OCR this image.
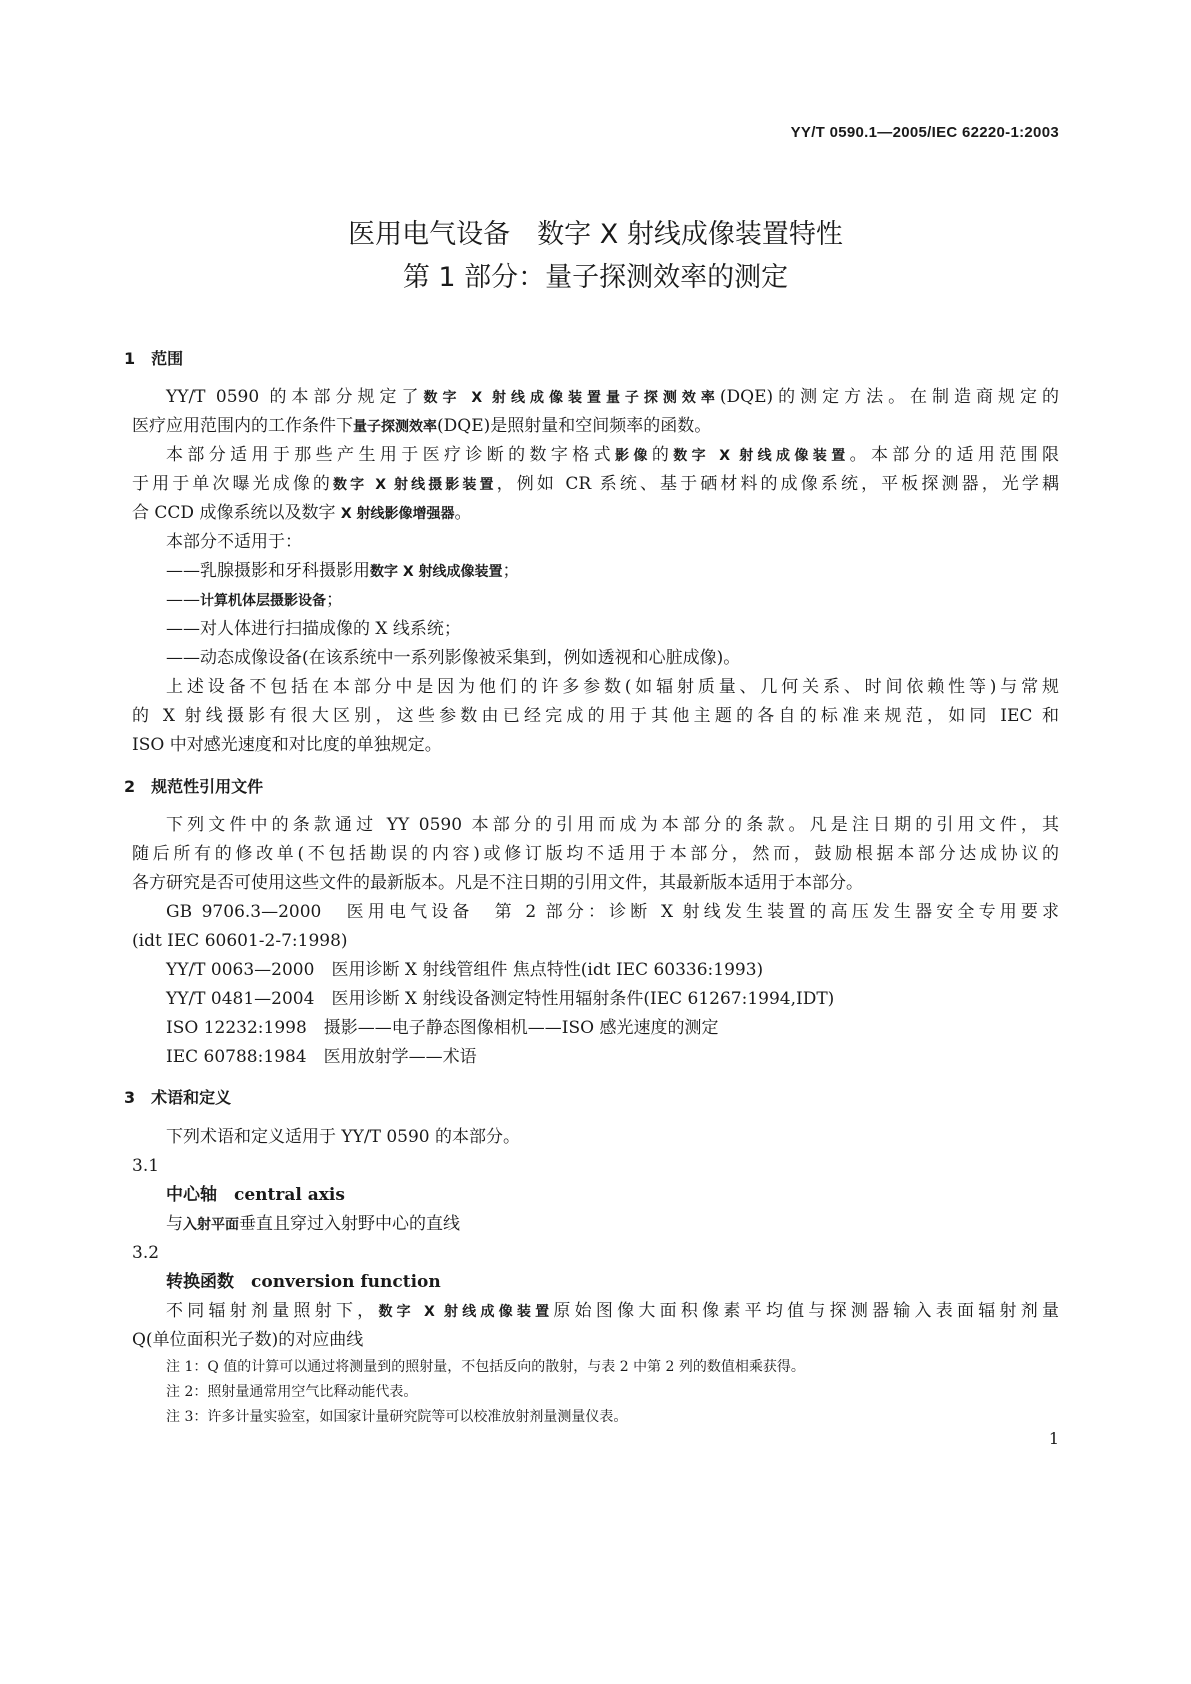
YY/T 0590.1—2005/IEC 62220-1:2003
医用电气设备　数字 X 射线成像装置特性
第 1 部分：量子探测效率的测定
1　范围
YY/T 0590 的本部分规定了数字 X 射线成像装置量子探测效率(DQE)的测定方法。在制造商规定的
医疗应用范围内的工作条件下量子探测效率(DQE)是照射量和空间频率的函数。
本部分适用于那些产生用于医疗诊断的数字格式影像的数字 X 射线成像装置。本部分的适用范围限
于用于单次曝光成像的数字 X 射线摄影装置，例如 CR 系统、基于硒材料的成像系统，平板探测器，光学耦
合 CCD 成像系统以及数字 X 射线影像增强器。
本部分不适用于：
——乳腺摄影和牙科摄影用数字 X 射线成像装置；
——计算机体层摄影设备；
——对人体进行扫描成像的 X 线系统；
——动态成像设备(在该系统中一系列影像被采集到，例如透视和心脏成像)。
上述设备不包括在本部分中是因为他们的许多参数(如辐射质量、几何关系、时间依赖性等)与常规
的 X 射线摄影有很大区别，这些参数由已经完成的用于其他主题的各自的标准来规范，如同 IEC 和
ISO 中对感光速度和对比度的单独规定。
2　规范性引用文件
下列文件中的条款通过 YY 0590 本部分的引用而成为本部分的条款。凡是注日期的引用文件，其
随后所有的修改单(不包括勘误的内容)或修订版均不适用于本部分，然而，鼓励根据本部分达成协议的
各方研究是否可使用这些文件的最新版本。凡是不注日期的引用文件，其最新版本适用于本部分。
GB 9706.3—2000　医用电气设备　第 2 部分：诊断 X 射线发生装置的高压发生器安全专用要求
(idt IEC 60601-2-7:1998)
YY/T 0063—2000　医用诊断 X 射线管组件 焦点特性(idt IEC 60336:1993)
YY/T 0481—2004　医用诊断 X 射线设备测定特性用辐射条件(IEC 61267:1994,IDT)
ISO 12232:1998　摄影——电子静态图像相机——ISO 感光速度的测定
IEC 60788:1984　医用放射学——术语
3　术语和定义
下列术语和定义适用于 YY/T 0590 的本部分。
3.1
中心轴　central axis
与入射平面垂直且穿过入射野中心的直线
3.2
转换函数　conversion function
不同辐射剂量照射下，数字 X 射线成像装置原始图像大面积像素平均值与探测器输入表面辐射剂量
Q(单位面积光子数)的对应曲线
注 1：Q 值的计算可以通过将测量到的照射量，不包括反向的散射，与表 2 中第 2 列的数值相乘获得。
注 2：照射量通常用空气比释动能代表。
注 3：许多计量实验室，如国家计量研究院等可以校准放射剂量测量仪表。
1
